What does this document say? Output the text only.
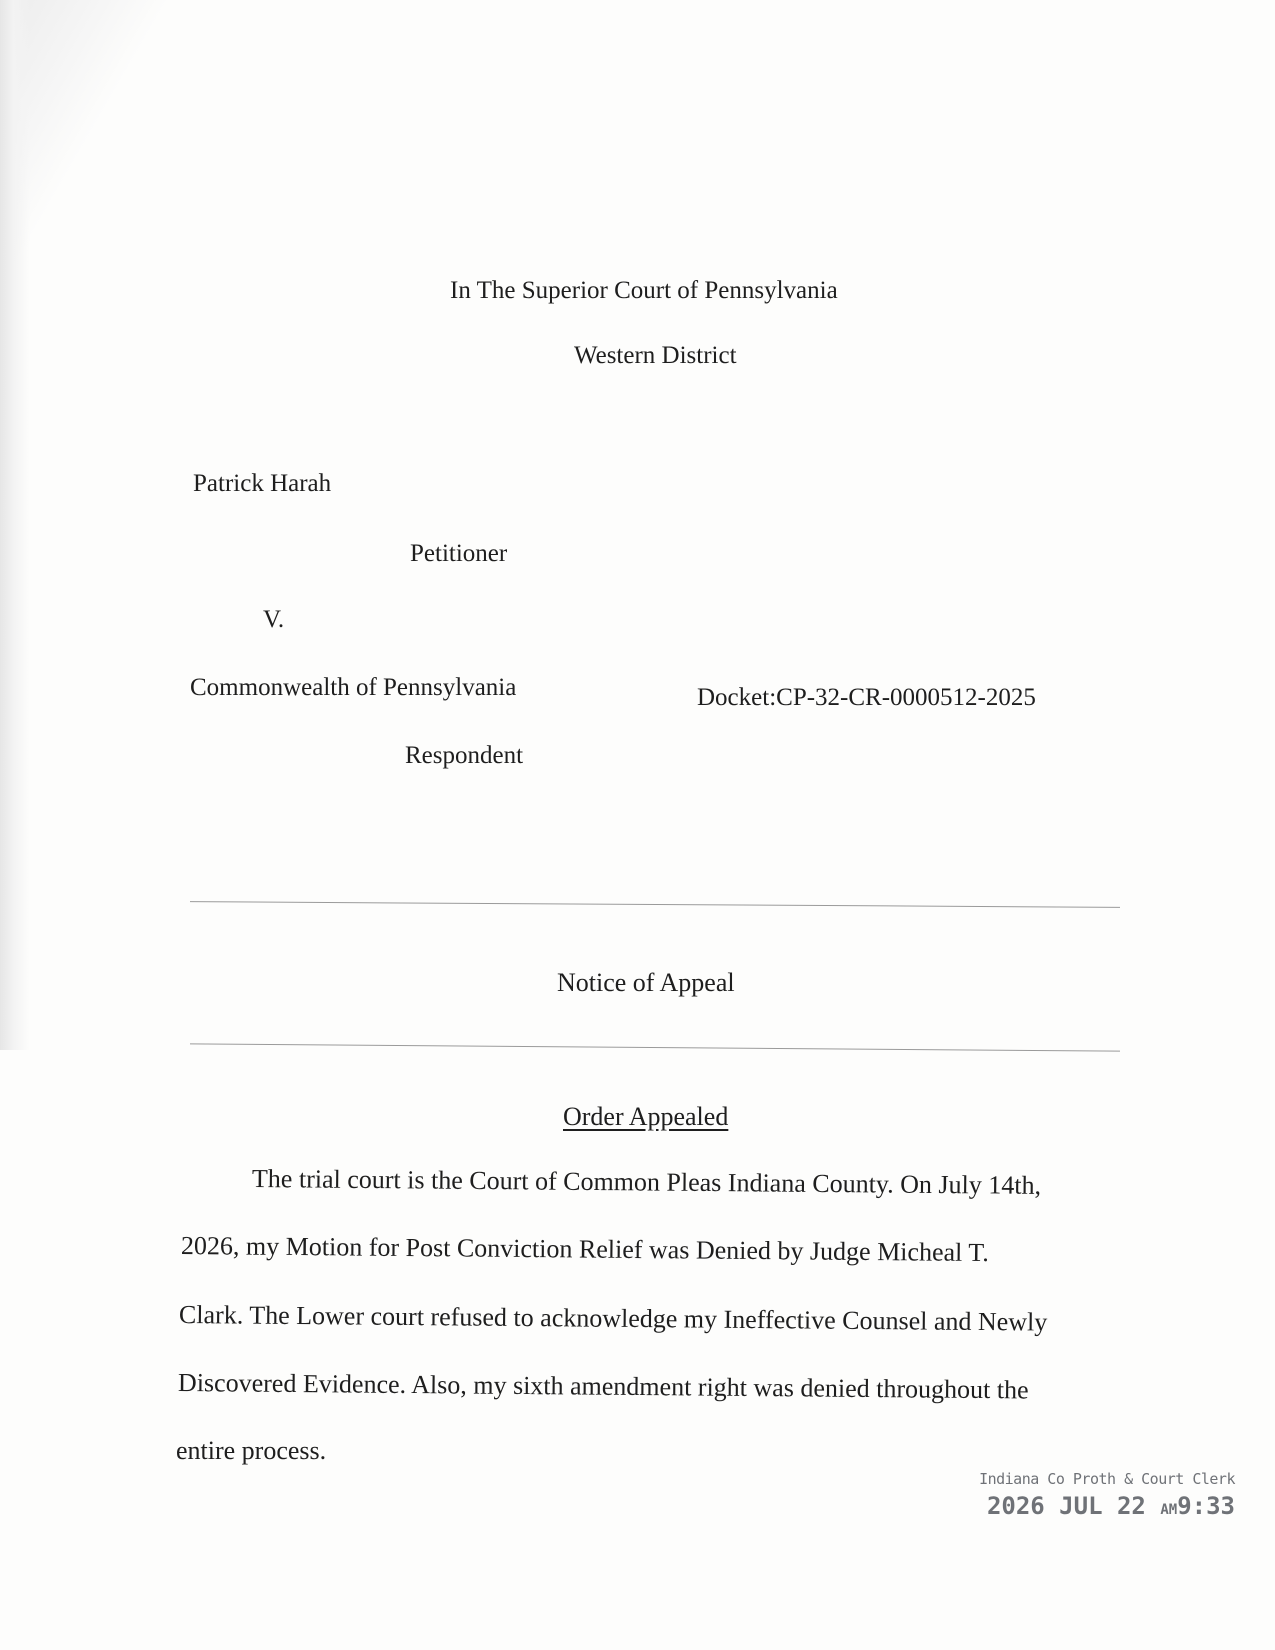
In The Superior Court of Pennsylvania
Western District
Patrick Harah
Petitioner
V.
Commonwealth of Pennsylvania	Docket:CP-32-CR-0000512-2025
Respondent
Notice of Appeal
Order Appealed
The trial court is the Court of Common Pleas Indiana County. On July 14th,
2026, my Motion for Post Conviction Relief was Denied by Judge Micheal T.
Clark. The Lower court refused to acknowledge my Ineffective Counsel and Newly
Discovered Evidence. Also, my sixth amendment right was denied throughout the
entire process.
Indiana Co Proth & Court Clerk
2026 JUL 22 AM9:33
